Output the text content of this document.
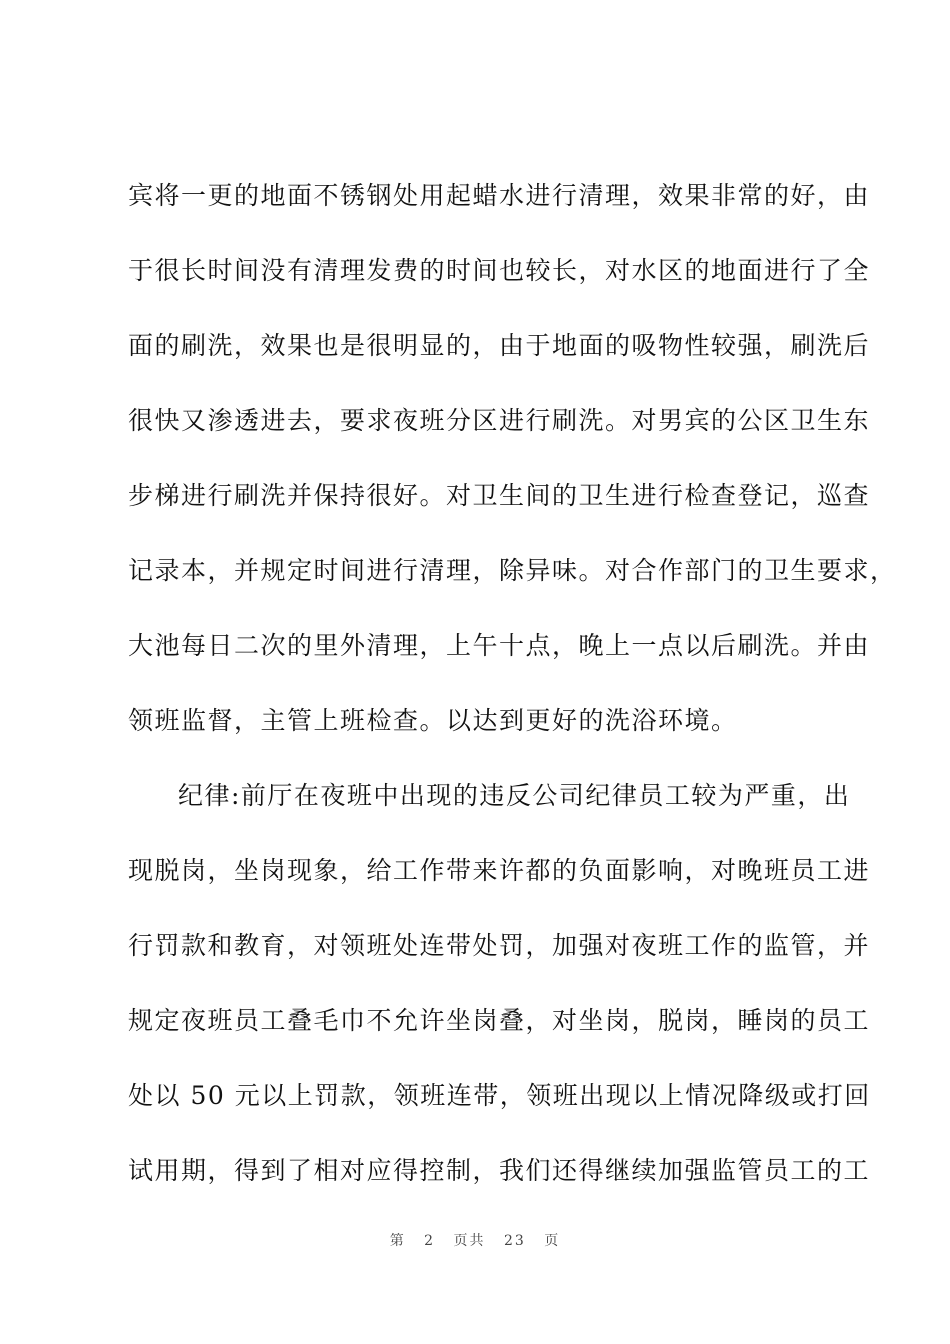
宾将一更的地面不锈钢处用起蜡水进行清理，效果非常的好，由
于很长时间没有清理发费的时间也较长，对水区的地面进行了全
面的刷洗，效果也是很明显的，由于地面的吸物性较强，刷洗后
很快又渗透进去，要求夜班分区进行刷洗。对男宾的公区卫生东
步梯进行刷洗并保持很好。对卫生间的卫生进行检查登记，巡查
记录本，并规定时间进行清理，除异味。对合作部门的卫生要求，
大池每日二次的里外清理，上午十点，晚上一点以后刷洗。并由
领班监督，主管上班检查。以达到更好的洗浴环境。
纪律:前厅在夜班中出现的违反公司纪律员工较为严重，出
现脱岗，坐岗现象，给工作带来许都的负面影响，对晚班员工进
行罚款和教育，对领班处连带处罚，加强对夜班工作的监管，并
规定夜班员工叠毛巾不允许坐岗叠，对坐岗，脱岗，睡岗的员工
处以 50 元以上罚款，领班连带，领班出现以上情况降级或打回
试用期，得到了相对应得控制，我们还得继续加强监管员工的工
第 2 页共 23 页
